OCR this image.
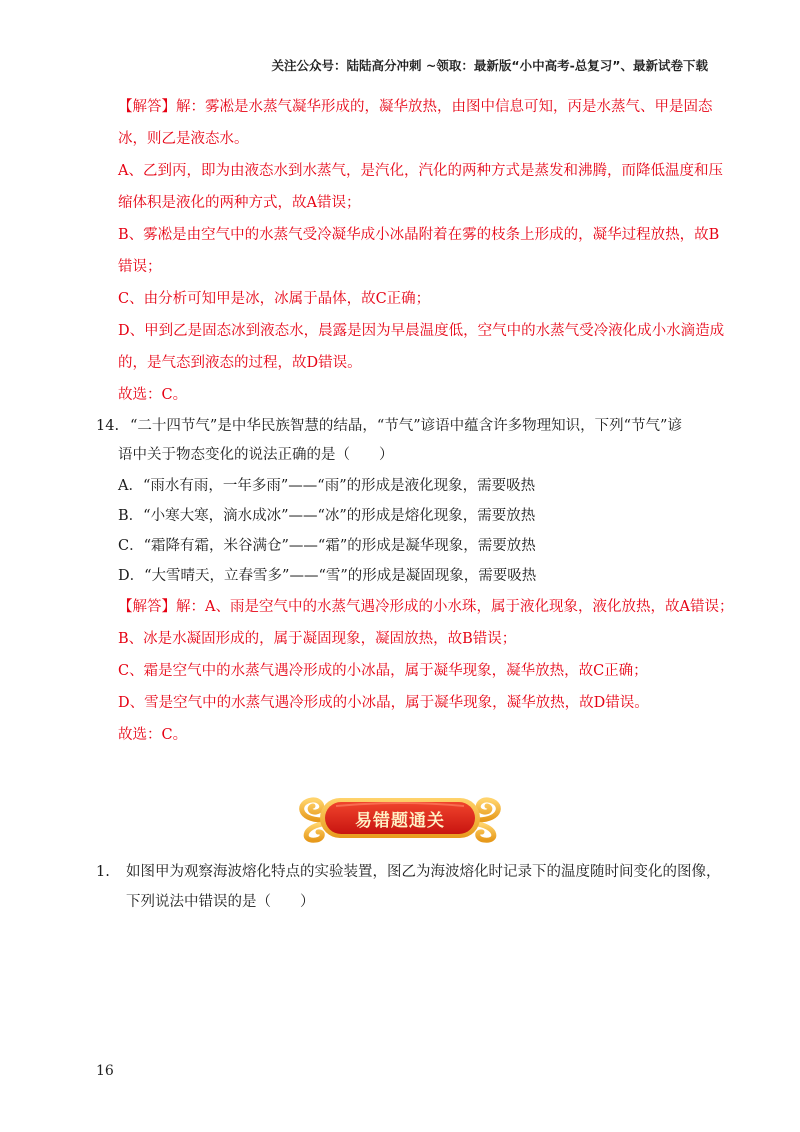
关注公众号：陆陆高分冲刺 ~领取：最新版“小中高考-总复习”、最新试卷下载
【解答】解：雾凇是水蒸气凝华形成的，凝华放热，由图中信息可知，丙是水蒸气、甲是固态
冰，则乙是液态水。
A、乙到丙，即为由液态水到水蒸气，是汽化，汽化的两种方式是蒸发和沸腾，而降低温度和压
缩体积是液化的两种方式，故A错误；
B、雾凇是由空气中的水蒸气受冷凝华成小冰晶附着在雾的枝条上形成的，凝华过程放热，故B
错误；
C、由分析可知甲是冰，冰属于晶体，故C正确；
D、甲到乙是固态冰到液态水，晨露是因为早晨温度低，空气中的水蒸气受冷液化成小水滴造成
的，是气态到液态的过程，故D错误。
故选：C。
14. “二十四节气”是中华民族智慧的结晶，“节气”谚语中蕴含许多物理知识，下列“节气”谚
语中关于物态变化的说法正确的是（　　）
A．“雨水有雨，一年多雨”——“雨”的形成是液化现象，需要吸热
B．“小寒大寒，滴水成冰”——“冰”的形成是熔化现象，需要放热
C．“霜降有霜，米谷满仓”——“霜”的形成是凝华现象，需要放热
D．“大雪晴天，立春雪多”——“雪”的形成是凝固现象，需要吸热
【解答】解：A、雨是空气中的水蒸气遇冷形成的小水珠，属于液化现象，液化放热，故A错误；
B、冰是水凝固形成的，属于凝固现象，凝固放热，故B错误；
C、霜是空气中的水蒸气遇冷形成的小冰晶，属于凝华现象，凝华放热，故C正确；
D、雪是空气中的水蒸气遇冷形成的小冰晶，属于凝华现象，凝华放热，故D错误。
故选：C。
易错题通关
1. 如图甲为观察海波熔化特点的实验装置，图乙为海波熔化时记录下的温度随时间变化的图像，
下列说法中错误的是（　　）
16
